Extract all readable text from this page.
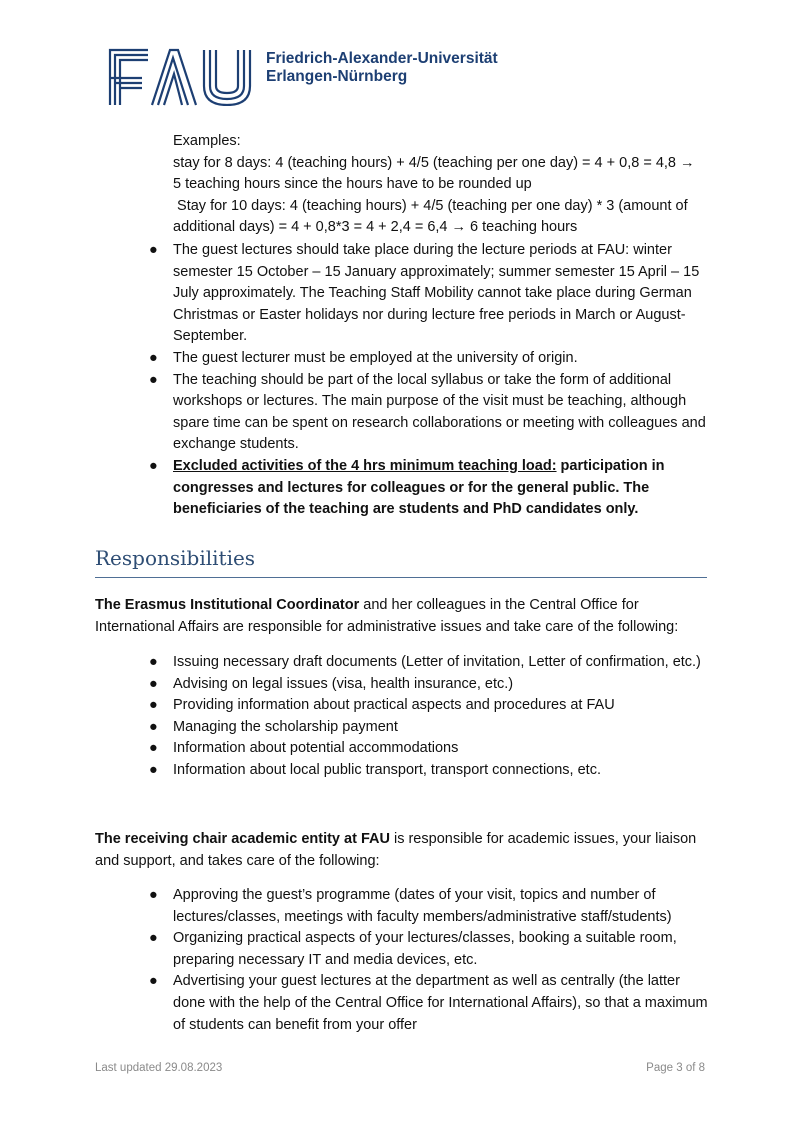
Friedrich-Alexander-Universität
Erlangen-Nürnberg
Examples:
stay for 8 days: 4 (teaching hours) + 4/5 (teaching per one day) = 4 + 0,8 = 4,8 →
5 teaching hours since the hours have to be rounded up
Stay for 10 days: 4 (teaching hours) + 4/5 (teaching per one day) * 3 (amount of
additional days) = 4 + 0,8*3 = 4 + 2,4 = 6,4 → 6 teaching hours
● The guest lectures should take place during the lecture periods at FAU: winter semester 15 October – 15 January approximately; summer semester 15 April – 15 July approximately. The Teaching Staff Mobility cannot take place during German Christmas or Easter holidays nor during lecture free periods in March or August-September.
● The guest lecturer must be employed at the university of origin.
● The teaching should be part of the local syllabus or take the form of additional workshops or lectures. The main purpose of the visit must be teaching, although spare time can be spent on research collaborations or meeting with colleagues and exchange students.
● Excluded activities of the 4 hrs minimum teaching load: participation in congresses and lectures for colleagues or for the general public. The beneficiaries of the teaching are students and PhD candidates only.
Responsibilities
The Erasmus Institutional Coordinator and her colleagues in the Central Office for International Affairs are responsible for administrative issues and take care of the following:
● Issuing necessary draft documents (Letter of invitation, Letter of confirmation, etc.)
● Advising on legal issues (visa, health insurance, etc.)
● Providing information about practical aspects and procedures at FAU
● Managing the scholarship payment
● Information about potential accommodations
● Information about local public transport, transport connections, etc.
The receiving chair academic entity at FAU is responsible for academic issues, your liaison and support, and takes care of the following:
● Approving the guest’s programme (dates of your visit, topics and number of lectures/classes, meetings with faculty members/administrative staff/students)
● Organizing practical aspects of your lectures/classes, booking a suitable room, preparing necessary IT and media devices, etc.
● Advertising your guest lectures at the department as well as centrally (the latter done with the help of the Central Office for International Affairs), so that a maximum of students can benefit from your offer
Last updated 29.08.2023	Page 3 of 8
